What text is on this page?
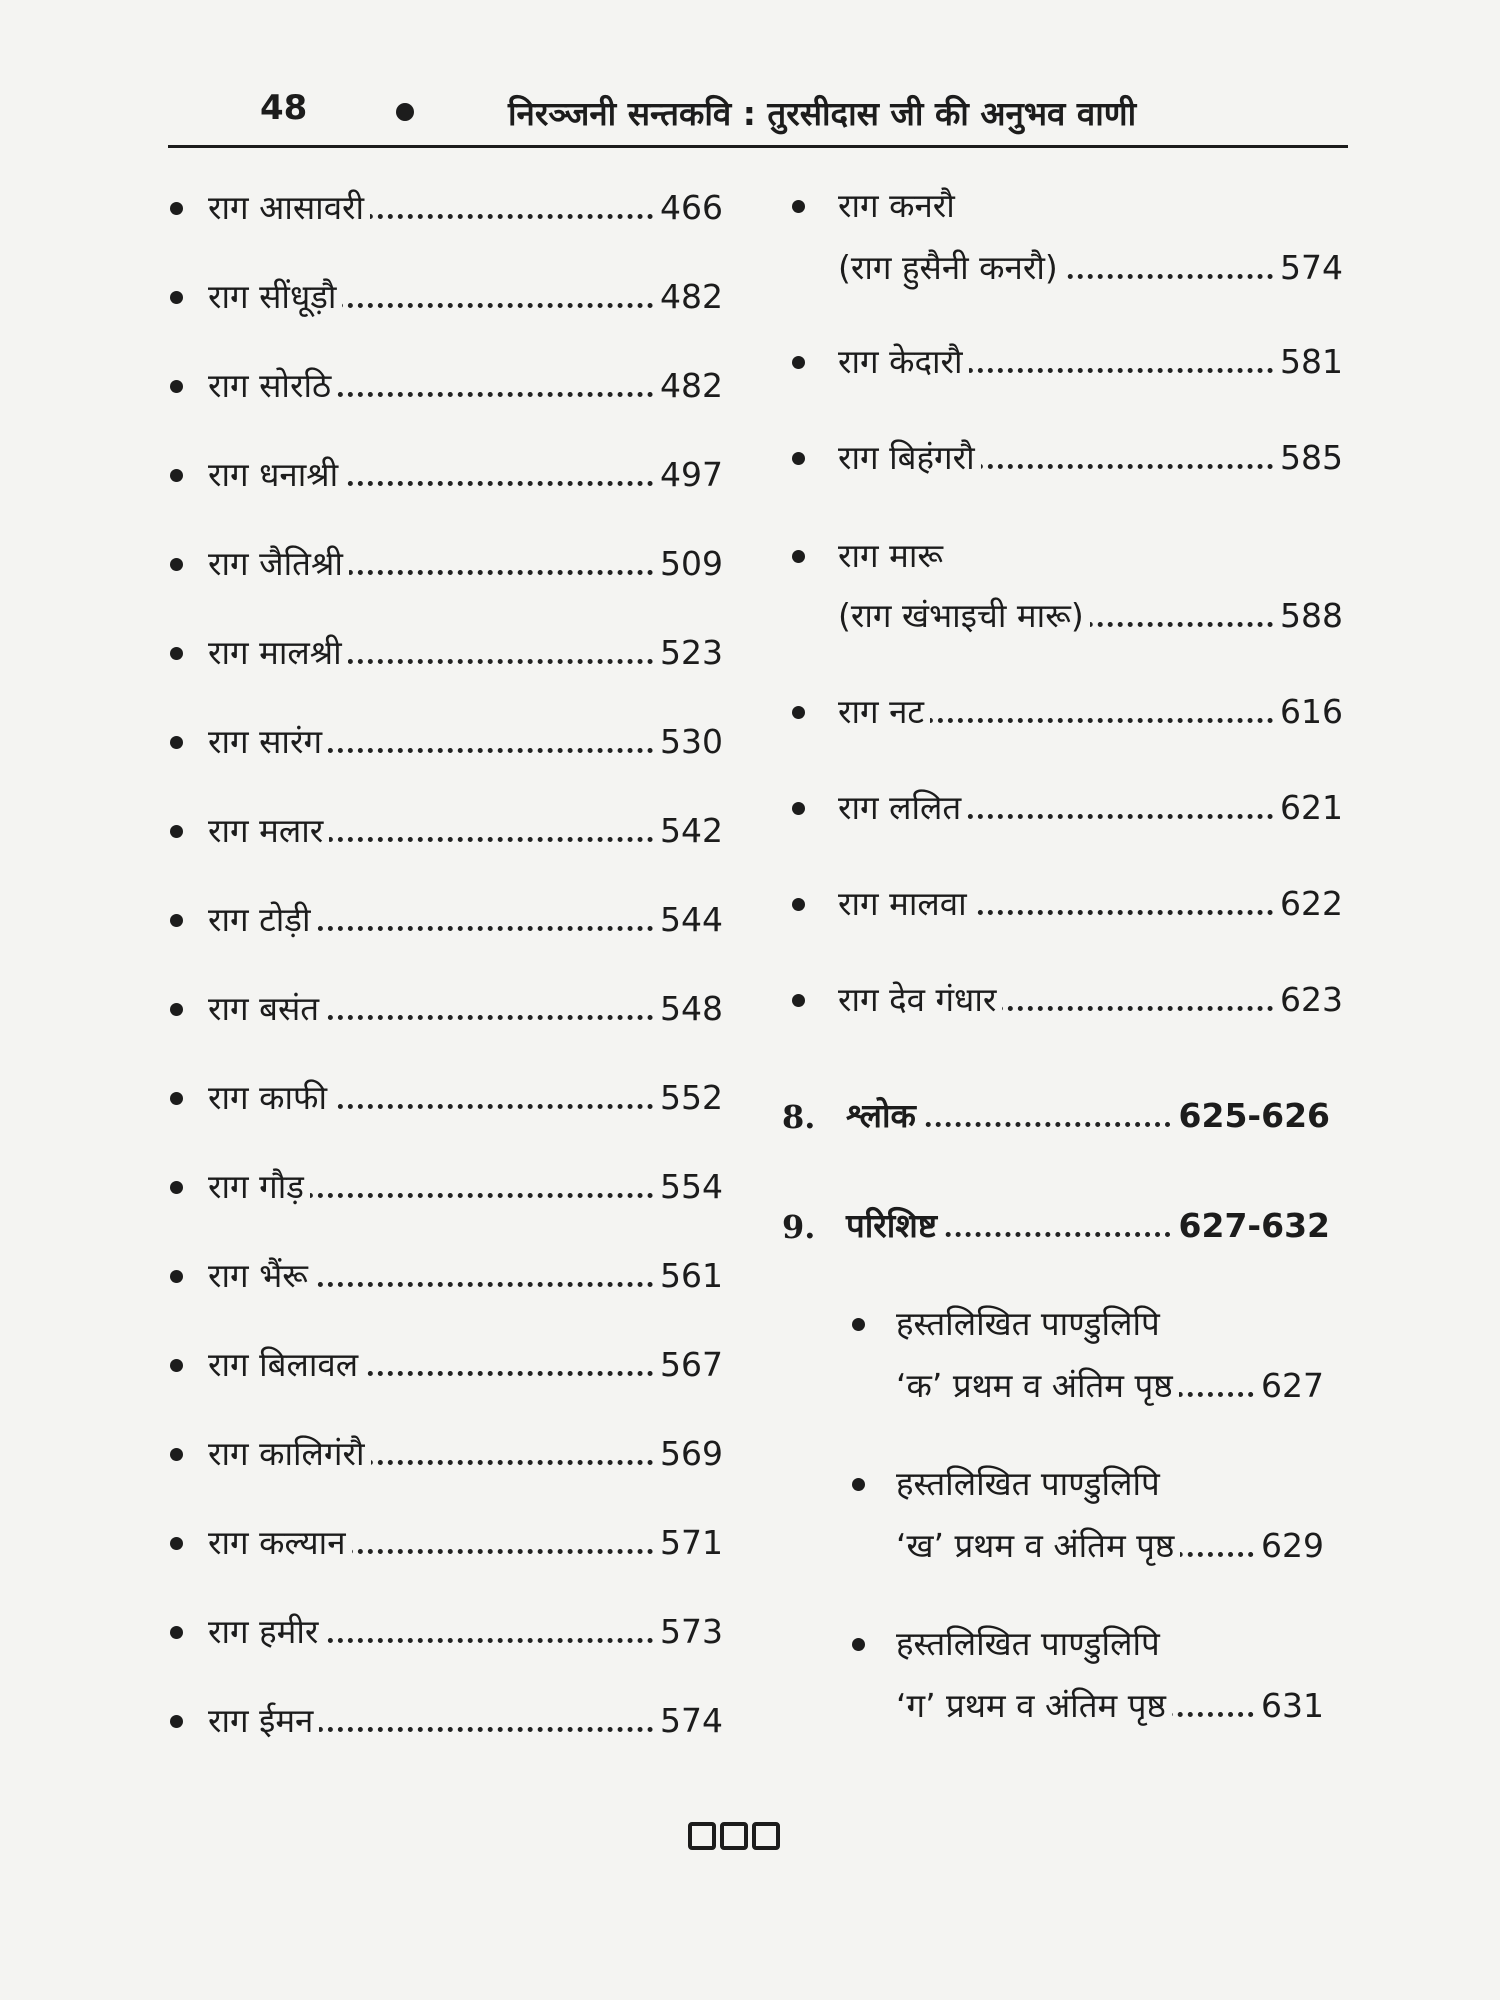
48	निरञ्जनी सन्तकवि : तुरसीदास जी की अनुभव वाणी
राग आसावरी	466
राग सींधूड़ौ	482
राग सोरठि	482
राग धनाश्री	497
राग जैतिश्री	509
राग मालश्री	523
राग सारंग	530
राग मलार	542
राग टोड़ी	544
राग बसंत	548
राग काफी	552
राग गौड़	554
राग भैंरू	561
राग बिलावल	567
राग कालिगंरौ	569
राग कल्यान	571
राग हमीर	573
राग ईमन	574
राग कनरौ
(राग हुसैनी कनरौ)	574
राग केदारौ	581
राग बिहंगरौ	585
राग मारू
(राग खंभाइची मारू)	588
राग नट	616
राग ललित	621
राग मालवा	622
राग देव गंधार	623
8. श्लोक	625-626
9. परिशिष्ट	627-632
हस्तलिखित पाण्डुलिपि
‘क’ प्रथम व अंतिम पृष्ठ	627
हस्तलिखित पाण्डुलिपि
‘ख’ प्रथम व अंतिम पृष्ठ	629
हस्तलिखित पाण्डुलिपि
‘ग’ प्रथम व अंतिम पृष्ठ	631
